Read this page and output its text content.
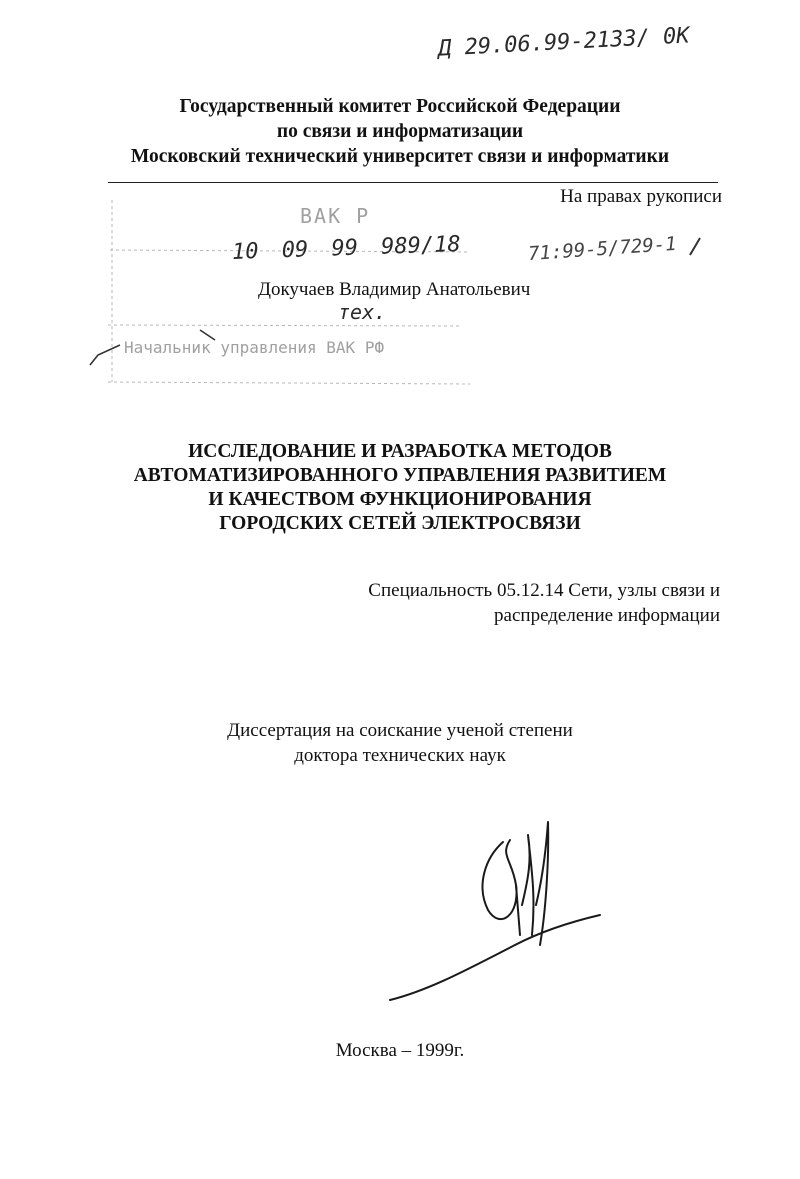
Д 29.06.99-2133/ 0К
ВАК Р
10 09 99 989/18	71:99-5/729-1
тех.
Начальник управления ВАК РФ
Государственный комитет Российской Федерации
по связи и информатизации
Московский технический университет связи и информатики
На правах рукописи
Докучаев Владимир Анатольевич
ИССЛЕДОВАНИЕ И РАЗРАБОТКА МЕТОДОВ
АВТОМАТИЗИРОВАННОГО УПРАВЛЕНИЯ РАЗВИТИЕМ
И КАЧЕСТВОМ ФУНКЦИОНИРОВАНИЯ
ГОРОДСКИХ СЕТЕЙ ЭЛЕКТРОСВЯЗИ
Специальность 05.12.14 Сети, узлы связи и
распределение информации
Диссертация на соискание ученой степени
доктора технических наук
Москва – 1999г.
